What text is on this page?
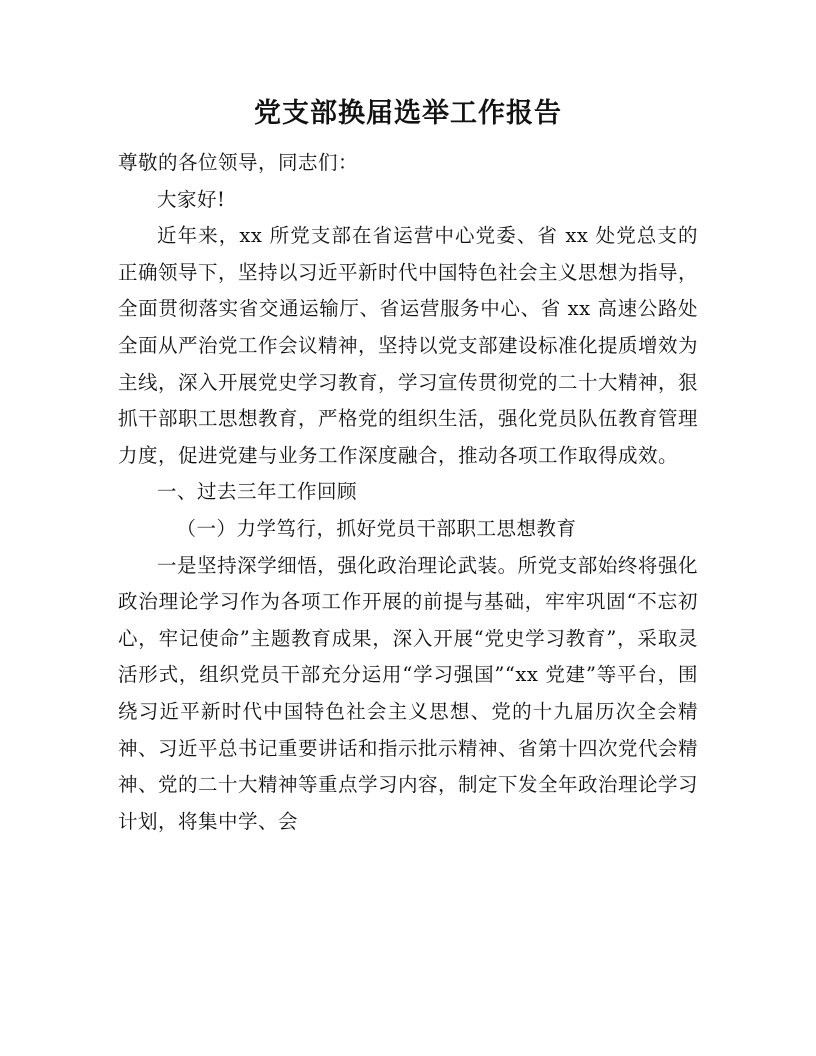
党支部换届选举工作报告

尊敬的各位领导，同志们：

大家好!

近年来，xx 所党支部在省运营中心党委、省 xx 处党总支的正确领导下，坚持以习近平新时代中国特色社会主义思想为指导，全面贯彻落实省交通运输厅、省运营服务中心、省 xx 高速公路处全面从严治党工作会议精神，坚持以党支部建设标准化提质增效为主线，深入开展党史学习教育，学习宣传贯彻党的二十大精神，狠抓干部职工思想教育，严格党的组织生活，强化党员队伍教育管理力度，促进党建与业务工作深度融合，推动各项工作取得成效。

一、过去三年工作回顾

（一）力学笃行，抓好党员干部职工思想教育

一是坚持深学细悟，强化政治理论武装。所党支部始终将强化政治理论学习作为各项工作开展的前提与基础，牢牢巩固“不忘初心，牢记使命”主题教育成果，深入开展“党史学习教育”，采取灵活形式，组织党员干部充分运用“学习强国”“xx 党建”等平台，围绕习近平新时代中国特色社会主义思想、党的十九届历次全会精神、习近平总书记重要讲话和指示批示精神、省第十四次党代会精神、党的二十大精神等重点学习内容，制定下发全年政治理论学习计划，将集中学、会
